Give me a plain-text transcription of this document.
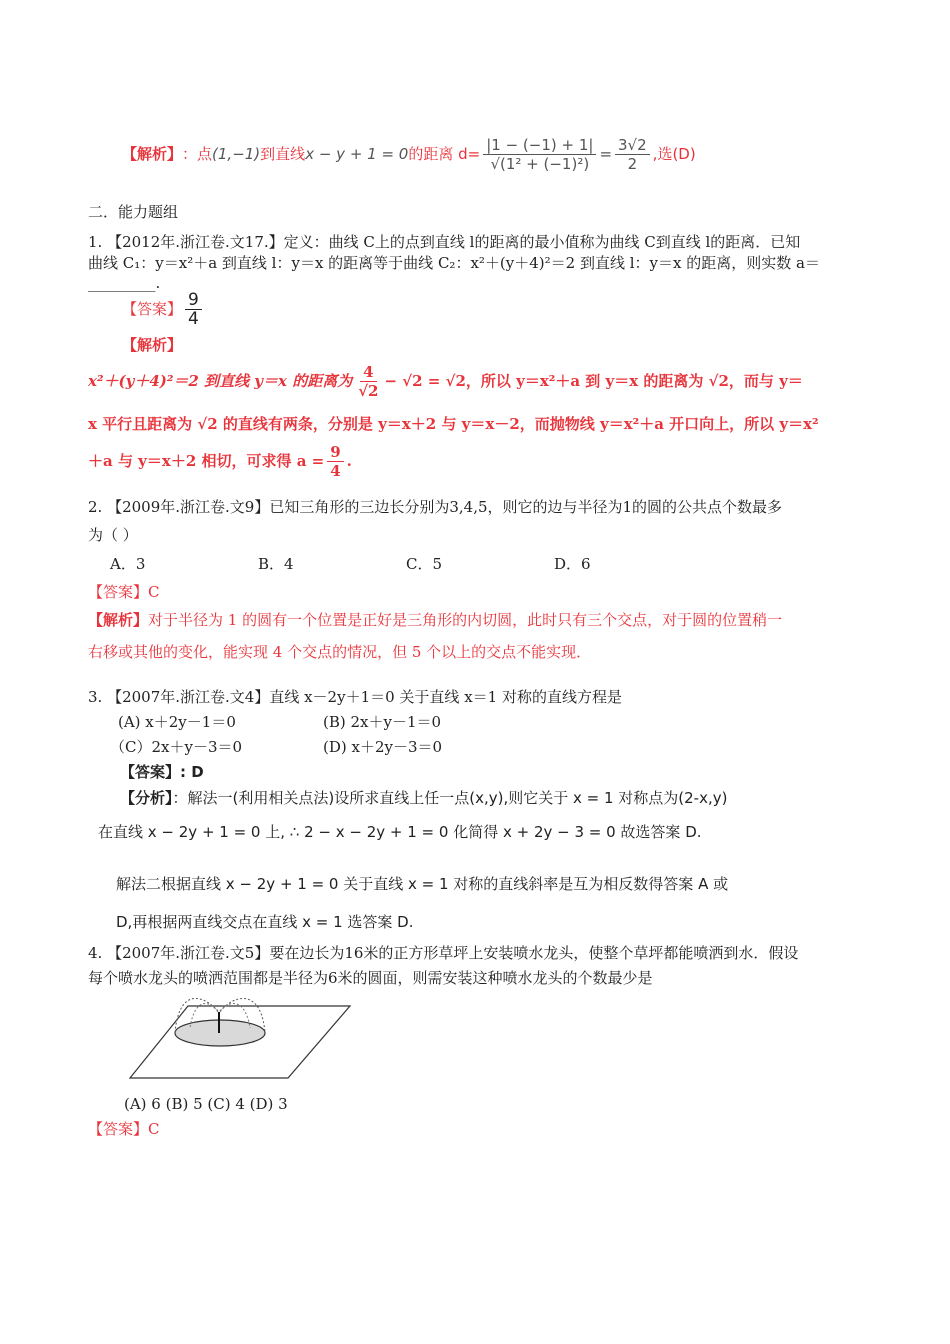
【解析】 ：点 (1,−1) 到直线 x − y + 1 = 0 的距离 $d= \frac{|1 - (-1) + 1|}{\text{√(1² + (−1)²)}} = \frac{3√2}{2}$ ,选(D)
二．能力题组
1. 【2012年.浙江卷.文17.】定义：曲线 C上的点到直线 l的距离的最小值称为曲线 C到直线 l的距离．已知
曲线 C₁：y＝x²＋a 到直线 l：y＝x 的距离等于曲线 C₂：x²＋(y＋4)²＝2 到直线 l：y＝x 的距离，则实数 a＝
_________.
【答案】 $\frac{9}{4}$
【解析】
x²＋(y＋4)²＝2 到直线 y＝x 的距离为 $\frac{4}{√2} - √2 = √2$，所以 y＝x²＋a 到 y＝x 的距离为 √2，而与 y＝
x 平行且距离为 √2 的直线有两条，分别是 y＝x＋2 与 y＝x－2，而抛物线 y＝x²＋a 开口向上，所以 y＝x²
＋a 与 y＝x＋2 相切，可求得 $a = \frac{9}{4}$ .
2. 【2009年.浙江卷.文9】已知三角形的三边长分别为3,4,5，则它的边与半径为1的圆的公共点个数最多
为（ ）
A．3	B．4	C．5	D．6
【答案】C
【解析】对于半径为 1 的圆有一个位置是正好是三角形的内切圆，此时只有三个交点，对于圆的位置稍一
右移或其他的变化，能实现 4 个交点的情况，但 5 个以上的交点不能实现．
3. 【2007年.浙江卷.文4】直线 x－2y＋1＝0 关于直线 x＝1 对称的直线方程是
(A) x＋2y－1＝0	(B) 2x＋y－1＝0
（C）2x＋y－3＝0	(D) x＋2y－3＝0
【答案】: D
【分析】：解法一(利用相关点法)设所求直线上任一点(x,y),则它关于 x = 1 对称点为(2-x,y)
在直线 x − 2y + 1 = 0 上, ∴ 2 − x − 2y + 1 = 0 化简得 x + 2y − 3 = 0 故选答案 D.
解法二根据直线 x − 2y + 1 = 0 关于直线 x = 1 对称的直线斜率是互为相反数得答案 A 或
D,再根据两直线交点在直线 x = 1 选答案 D.
4. 【2007年.浙江卷.文5】要在边长为16米的正方形草坪上安装喷水龙头，使整个草坪都能喷洒到水．假设
每个喷水龙头的喷洒范围都是半径为6米的圆面，则需安装这种喷水龙头的个数最少是
(A) 6 (B) 5 (C) 4 (D) 3
【答案】C
